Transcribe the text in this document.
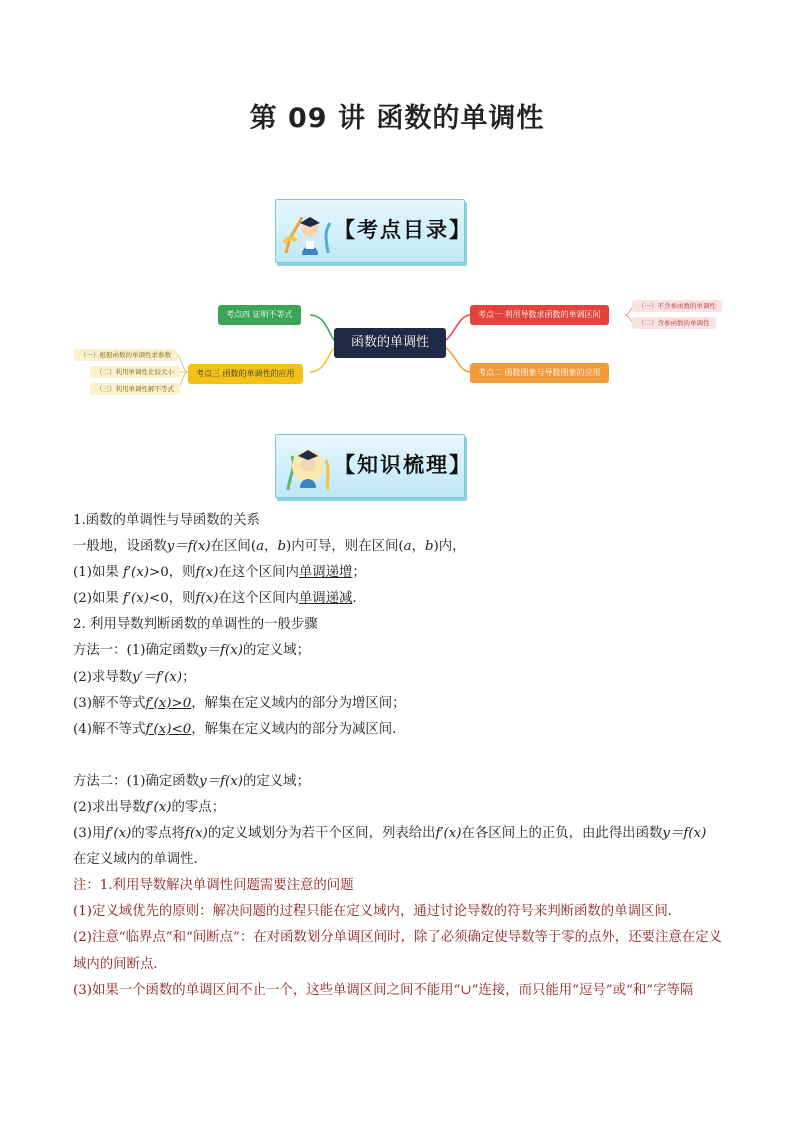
第 09 讲 函数的单调性
【考点目录】
函数的单调性
考点四 证明不等式	考点一 利用导数求函数的单调区间
考点三 函数的单调性的应用	考点二 函数图象与导数图象的应用
（一）不含参函数的单调性
（二）含参函数的单调性
（一）根据函数的单调性求参数
（二）利用单调性比较大小
（三）利用单调性解不等式
【知识梳理】

1.函数的单调性与导函数的关系

一般地，设函数y＝f(x)在区间(a，b)内可导，则在区间(a，b)内，

(1)如果 f′(x)>0，则f(x)在这个区间内单调递增；

(2)如果 f′(x)<0，则f(x)在这个区间内单调递减．

2. 利用导数判断函数的单调性的一般步骤

方法一：(1)确定函数y＝f(x)的定义域；

(2)求导数y′＝f′(x)；

(3)解不等式f′(x)>0，解集在定义域内的部分为增区间；

(4)解不等式f′(x)<0，解集在定义域内的部分为减区间．

方法二：(1)确定函数y＝f(x)的定义域；

(2)求出导数f′(x)的零点；

(3)用f′(x)的零点将f(x)的定义域划分为若干个区间，列表给出f′(x)在各区间上的正负，由此得出函数y＝f(x)

在定义域内的单调性．

注：1.利用导数解决单调性问题需要注意的问题

(1)定义域优先的原则：解决问题的过程只能在定义域内，通过讨论导数的符号来判断函数的单调区间．

(2)注意“临界点”和“间断点”：在对函数划分单调区间时，除了必须确定使导数等于零的点外，还要注意在定义域内的间断点．

(3)如果一个函数的单调区间不止一个，这些单调区间之间不能用“∪”连接，而只能用“逗号”或“和”字等隔
